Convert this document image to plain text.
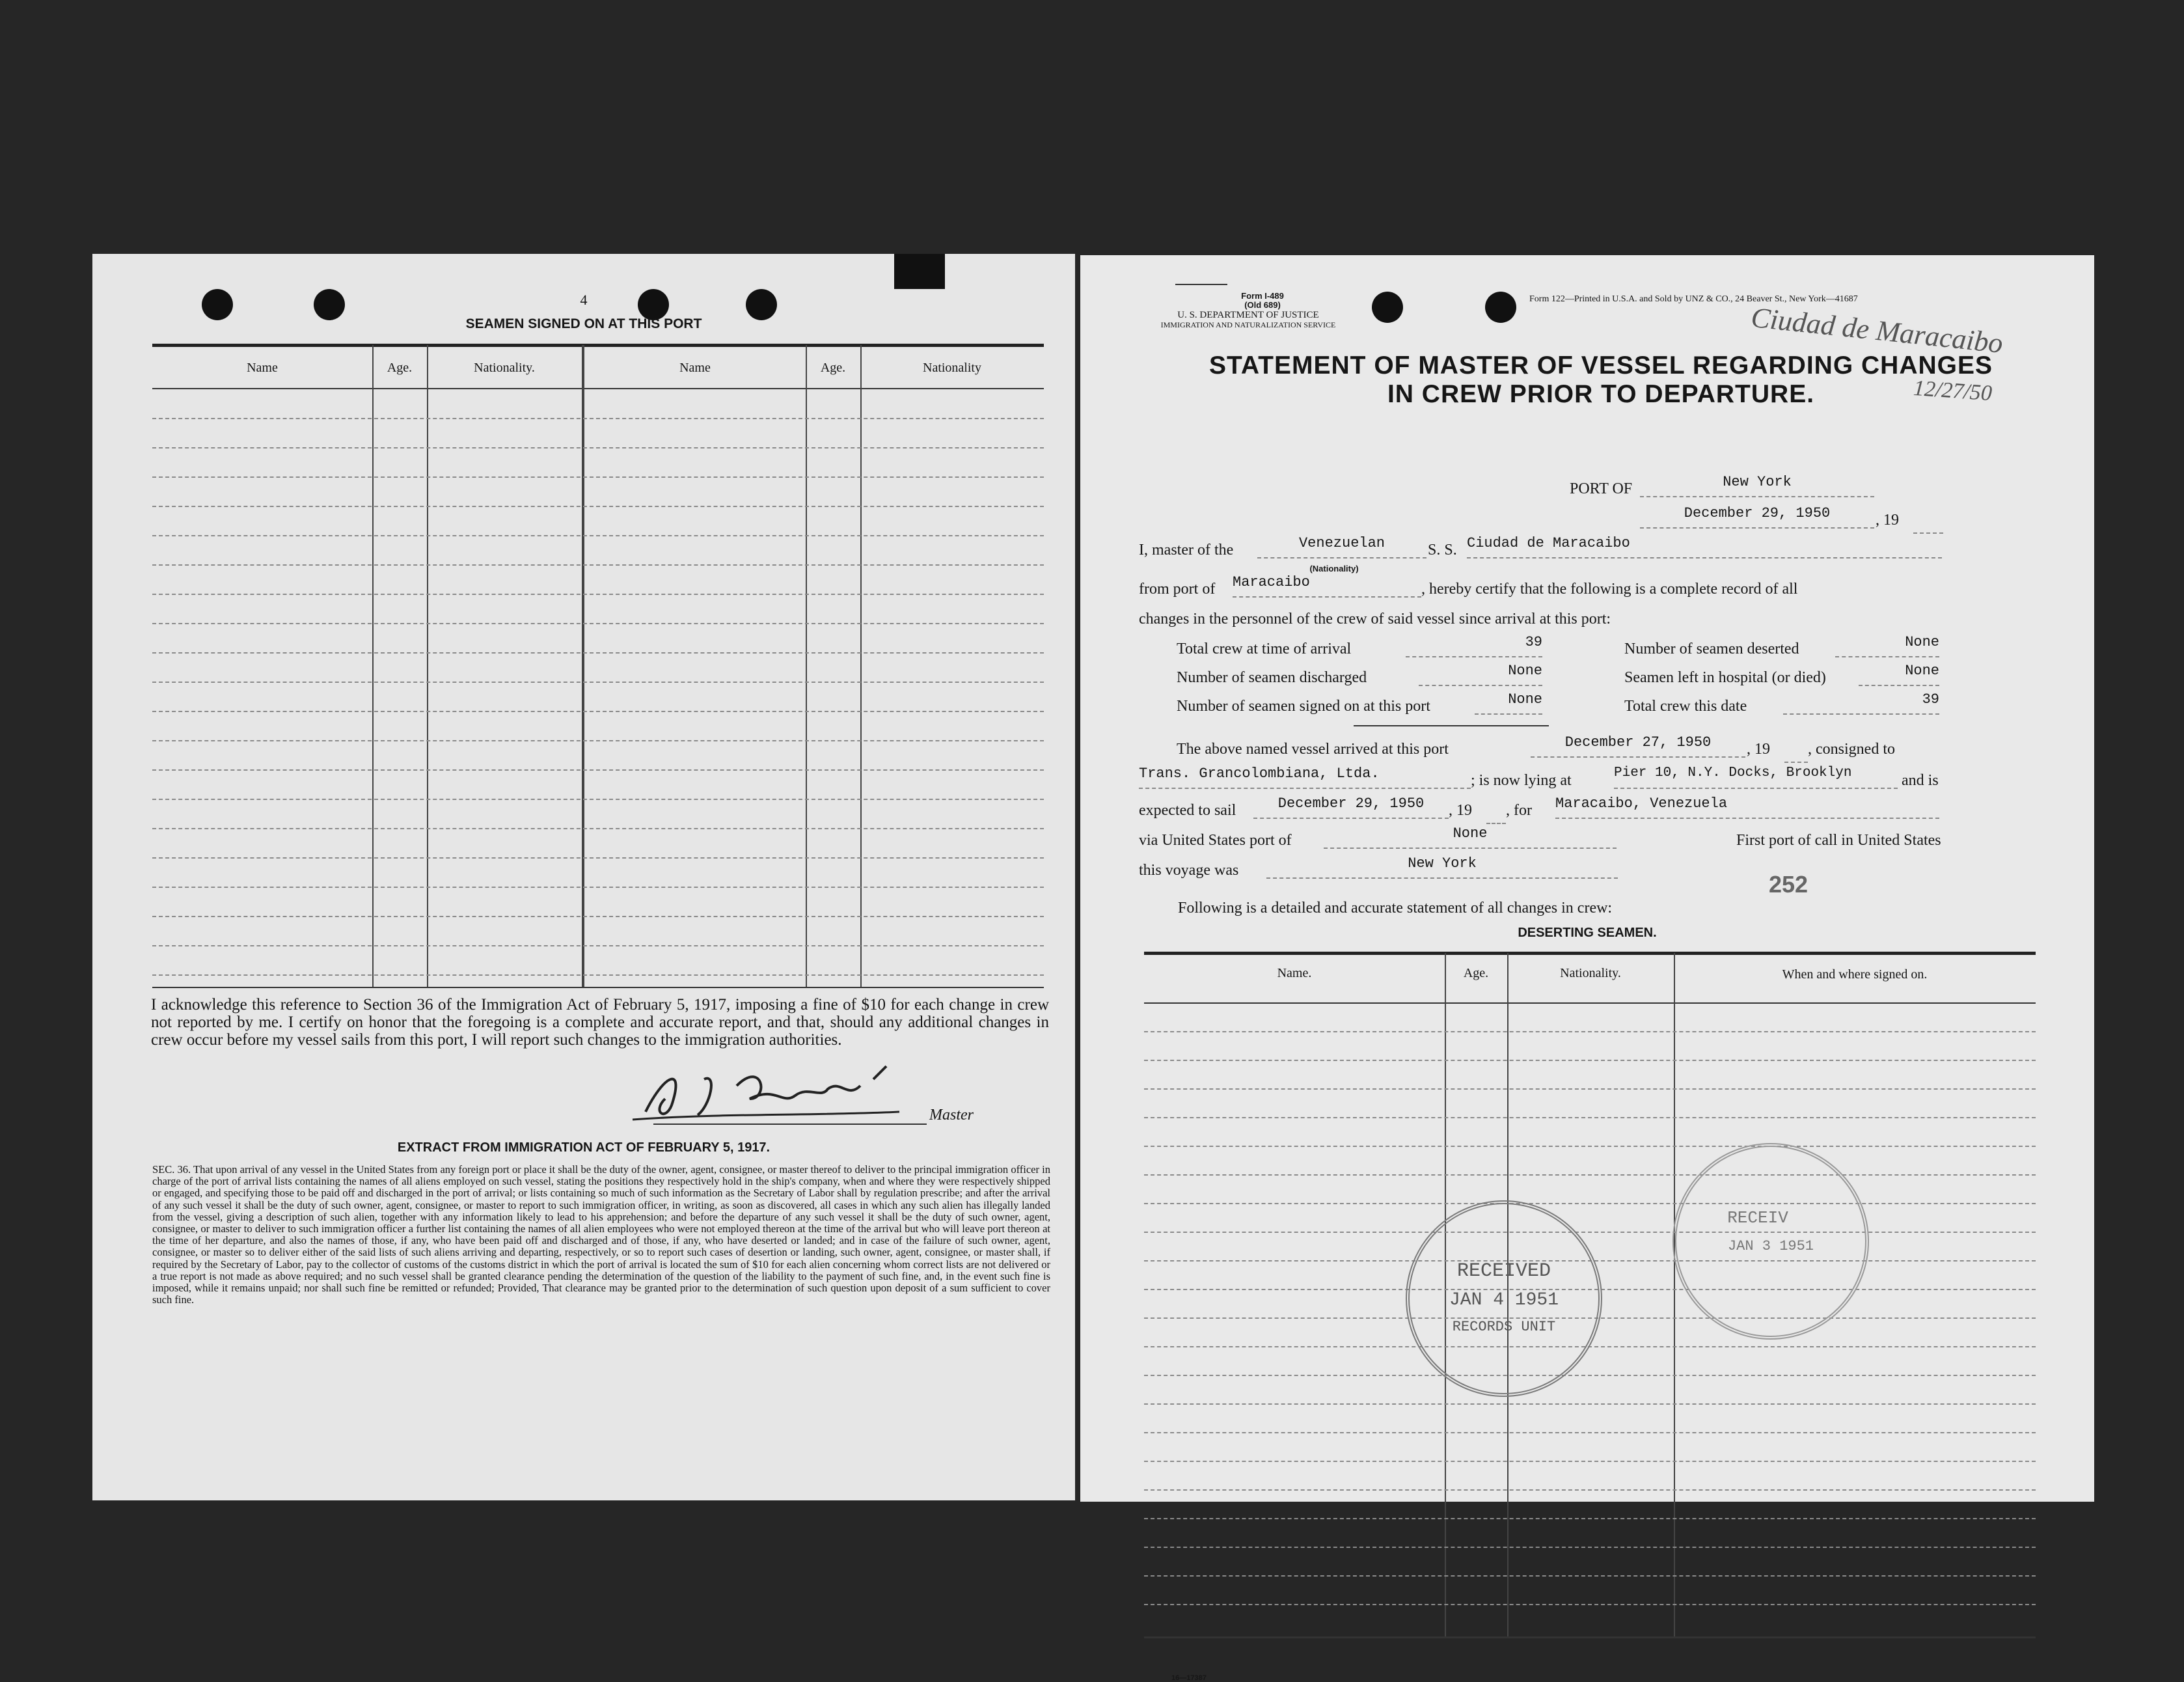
4
SEAMEN SIGNED ON AT THIS PORT
Name	Age.	Nationality.	Name	Age.	Nationality
I acknowledge this reference to Section 36 of the Immigration Act of February 5, 1917, imposing a fine of $10 for each change in crew not reported by me. I certify on honor that the foregoing is a complete and accurate report, and that, should any additional changes in crew occur before my vessel sails from this port, I will report such changes to the immigration authorities.
Master
EXTRACT FROM IMMIGRATION ACT OF FEBRUARY 5, 1917.
SEC. 36. That upon arrival of any vessel in the United States from any foreign port or place it shall be the duty of the owner, agent, consignee, or master thereof to deliver to the principal immigration officer in charge of the port of arrival lists containing the names of all aliens employed on such vessel, stating the positions they respectively hold in the ship's company, when and where they were respectively shipped or engaged, and specifying those to be paid off and discharged in the port of arrival; or lists containing so much of such information as the Secretary of Labor shall by regulation prescribe; and after the arrival of any such vessel it shall be the duty of such owner, agent, consignee, or master to report to such immigration officer, in writing, as soon as discovered, all cases in which any such alien has illegally landed from the vessel, giving a description of such alien, together with any information likely to lead to his apprehension; and before the departure of any such vessel it shall be the duty of such owner, agent, consignee, or master to deliver to such immigration officer a further list containing the names of all alien employees who were not employed thereon at the time of the arrival but who will leave port thereon at the time of her departure, and also the names of those, if any, who have been paid off and discharged and of those, if any, who have deserted or landed; and in case of the failure of such owner, agent, consignee, or master so to deliver either of the said lists of such aliens arriving and departing, respectively, or so to report such cases of desertion or landing, such owner, agent, consignee, or master shall, if required by the Secretary of Labor, pay to the collector of customs of the customs district in which the port of arrival is located the sum of $10 for each alien concerning whom correct lists are not delivered or a true report is not made as above required; and no such vessel shall be granted clearance pending the determination of the question of the liability to the payment of such fine, and, in the event such fine is imposed, while it remains unpaid; nor shall such fine be remitted or refunded; Provided, That clearance may be granted prior to the determination of such question upon deposit of a sum sufficient to cover such fine.
Form I-489
(Old 689)
U. S. DEPARTMENT OF JUSTICE
IMMIGRATION AND NATURALIZATION SERVICE
Form 122—Printed in U.S.A. and Sold by UNZ & CO., 24 Beaver St., New York—41687
Ciudad de Maracaibo
12/27/50
STATEMENT OF MASTER OF VESSEL REGARDING CHANGES
IN CREW PRIOR TO DEPARTURE.
PORT OF	New York
December 29, 1950	, 19
I, master of the	Venezuelan
(Nationality)
S. S. Ciudad de Maracaibo
from port of Maracaibo	, hereby certify that the following is a complete record of all
changes in the personnel of the crew of said vessel since arrival at this port:
Total crew at time of arrival	39	Number of seamen deserted	None
Number of seamen discharged	None	Seamen left in hospital (or died)	None
Number of seamen signed on at this port	None	Total crew this date	39
The above named vessel arrived at this port	December 27, 1950	, 19 , consigned to
Trans. Grancolombiana, Ltda.	; is now lying at	Pier 10, N.Y. Docks, Brooklyn	and is
expected to sail	December 29, 1950	, 19 , for Maracaibo, Venezuela
via United States port of	None	First port of call in United States
this voyage was	New York
252
Following is a detailed and accurate statement of all changes in crew:
DESERTING SEAMEN.
Name.	Age.	Nationality.	When and where signed on.
RECEIVED
JAN 4 1951
RECORDS UNIT
RECEIV
JAN 3 1951
16—17387
